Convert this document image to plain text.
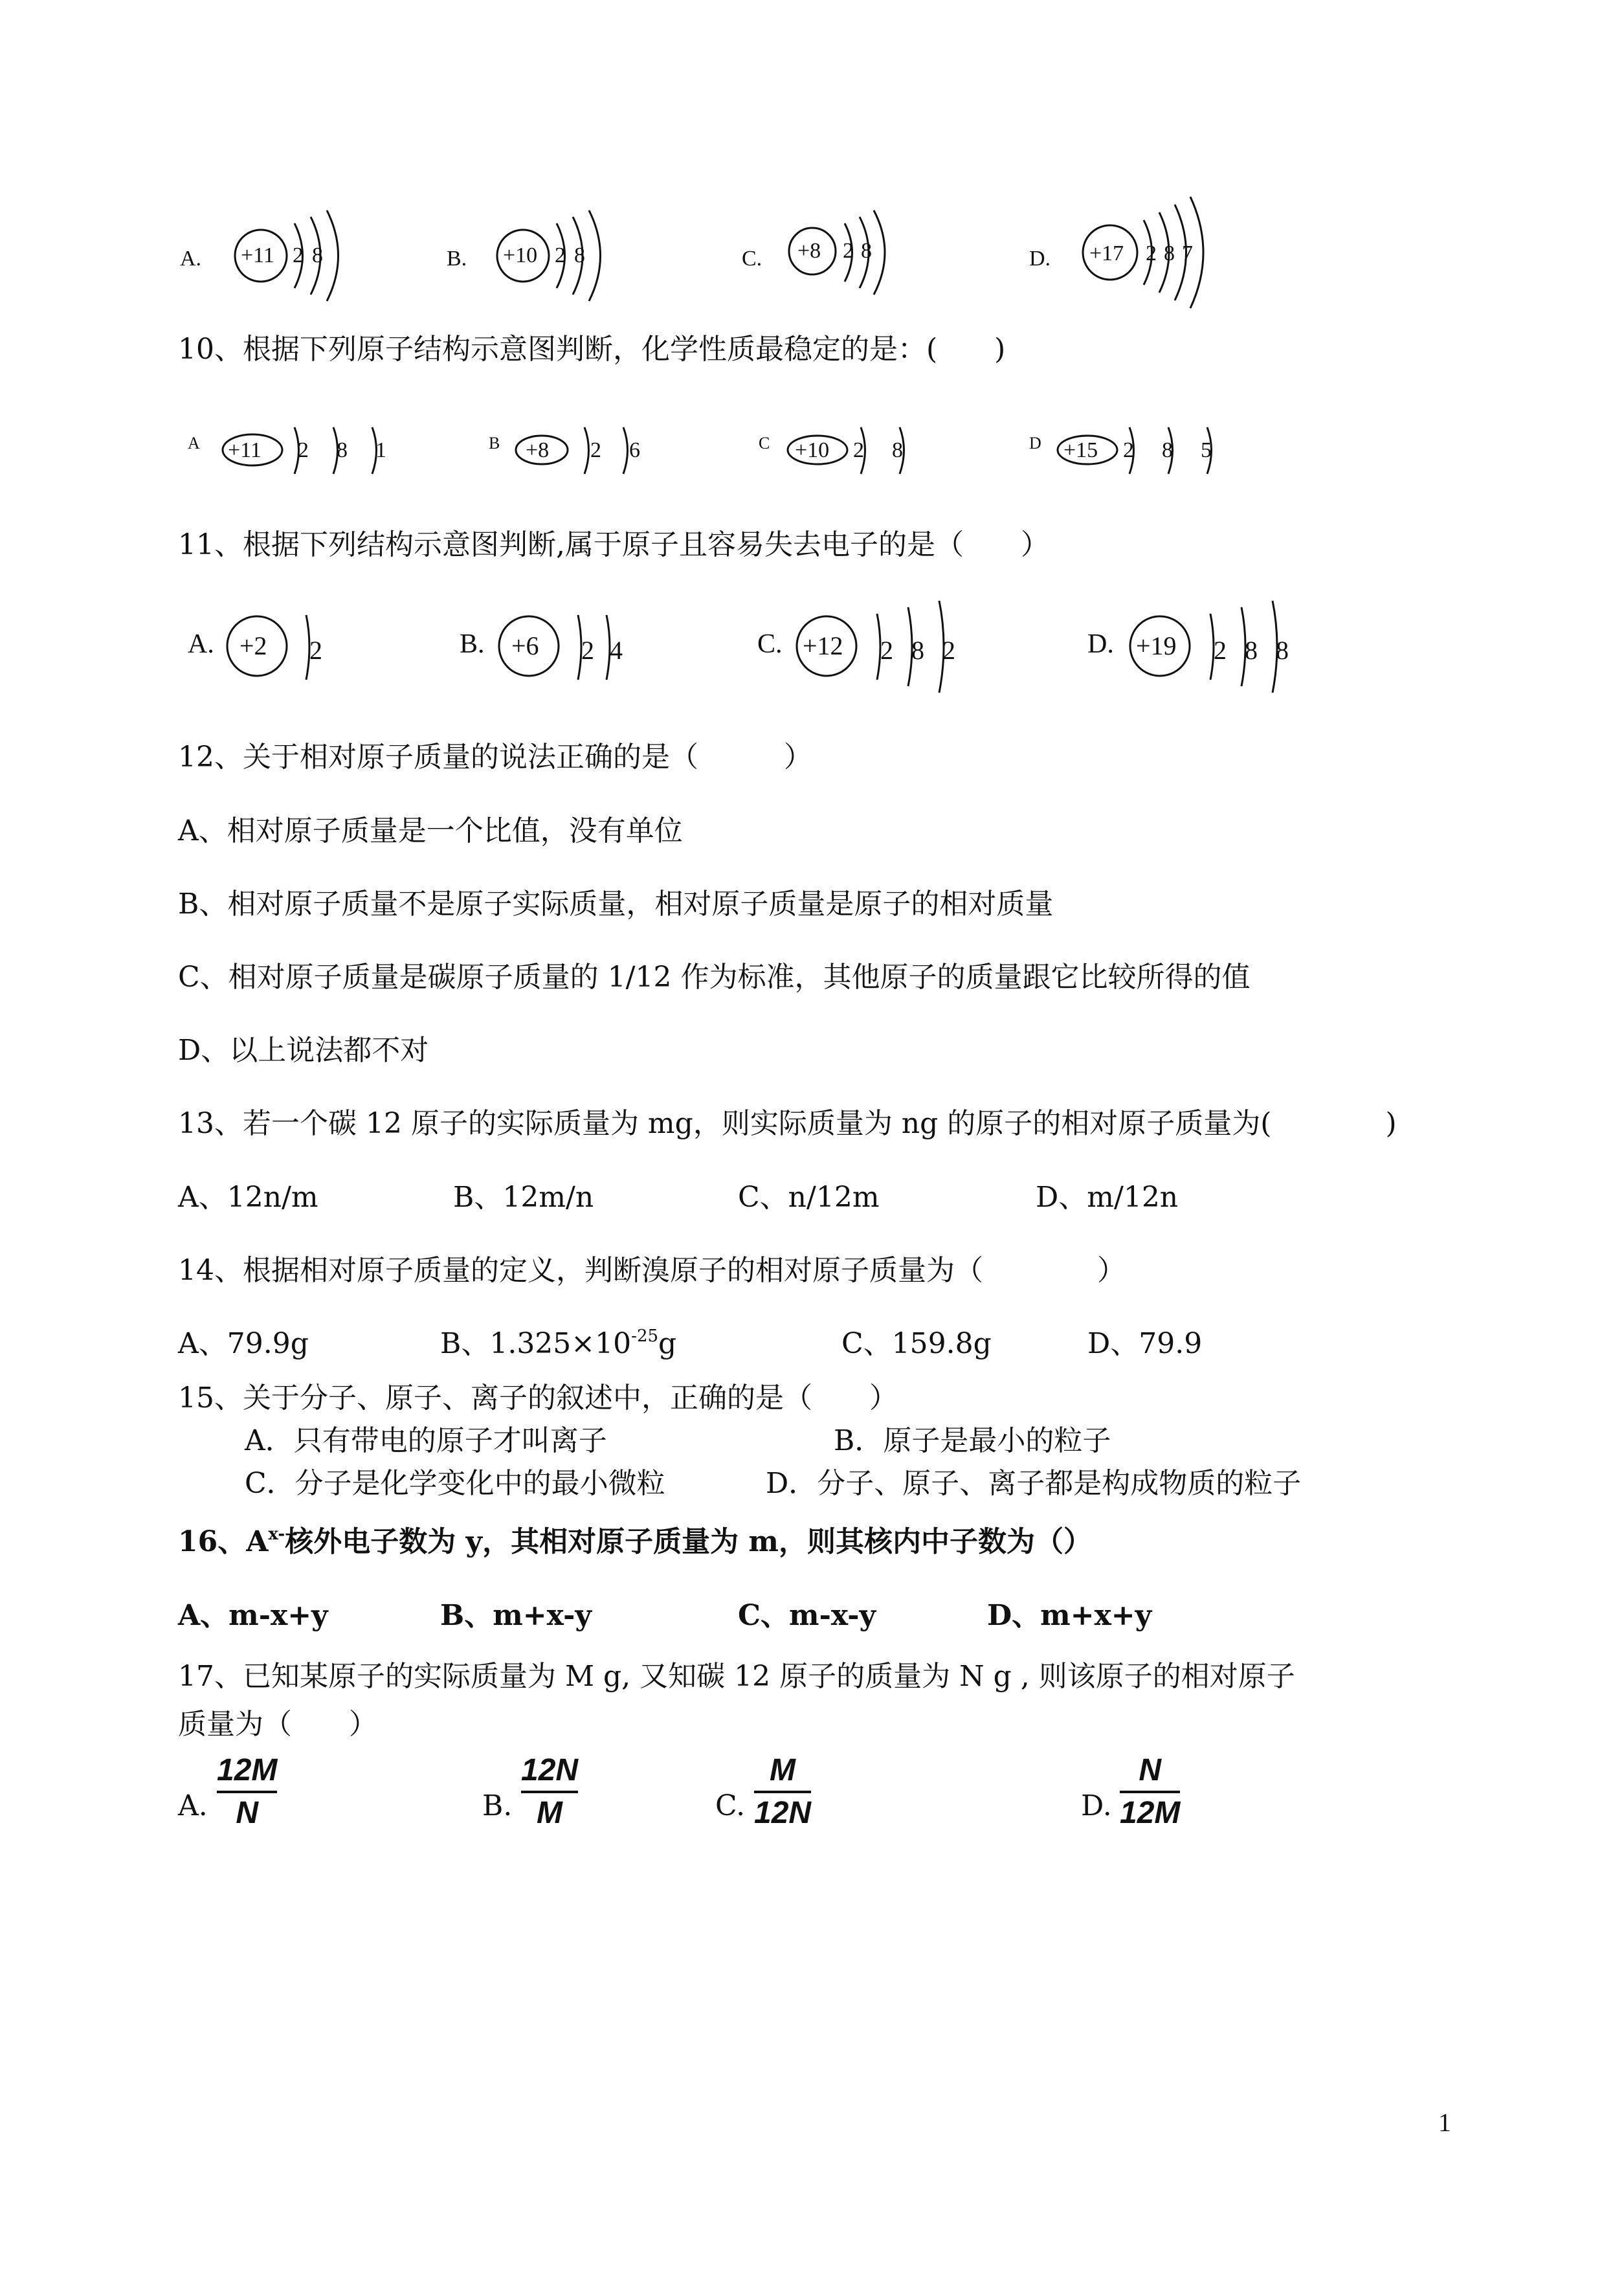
A. +11 2 8	B. +10 2 8	C. +8 2 8	D. +17 2 8 7
10、根据下列原子结构示意图判断，化学性质最稳定的是：(　　)
A +11 2 8 1	B +8 2 6	C +10 2 8	D +15 2 8 5
11、根据下列结构示意图判断,属于原子且容易失去电子的是（　　）
A. +2 2	B. +6 2 4	C. +12 2 8 2	D. +19 2 8 8
12、关于相对原子质量的说法正确的是（　　　）
A、相对原子质量是一个比值，没有单位
B、相对原子质量不是原子实际质量，相对原子质量是原子的相对质量
C、相对原子质量是碳原子质量的 1/12 作为标准，其他原子的质量跟它比较所得的值
D、以上说法都不对
13、若一个碳 12 原子的实际质量为 mg，则实际质量为 ng 的原子的相对原子质量为(　　　　)
A、12n/m	B、12m/n	C、n/12m	D、m/12n
14、根据相对原子质量的定义，判断溴原子的相对原子质量为（　　　　）
A、79.9g	B、$1.325\times 10^{-25}g$	C、159.8g	D、79.9
15、关于分子、原子、离子的叙述中，正确的是（　　）
A．只有带电的原子才叫离子	B．原子是最小的粒子
C．分子是化学变化中的最小微粒	D．分子、原子、离子都是构成物质的粒子
16、$A^{x-}$核外电子数为 y，其相对原子质量为 m，则其核内中子数为（）
A、m-x+y	B、m+x-y	C、m-x-y	D、m+x+y
17、已知某原子的实际质量为 M g, 又知碳 12 原子的质量为 N g , 则该原子的相对原子
质量为（　　）
A.
12M
N	B.
12N
M	C.
M
12N	D.
N
12M
1
